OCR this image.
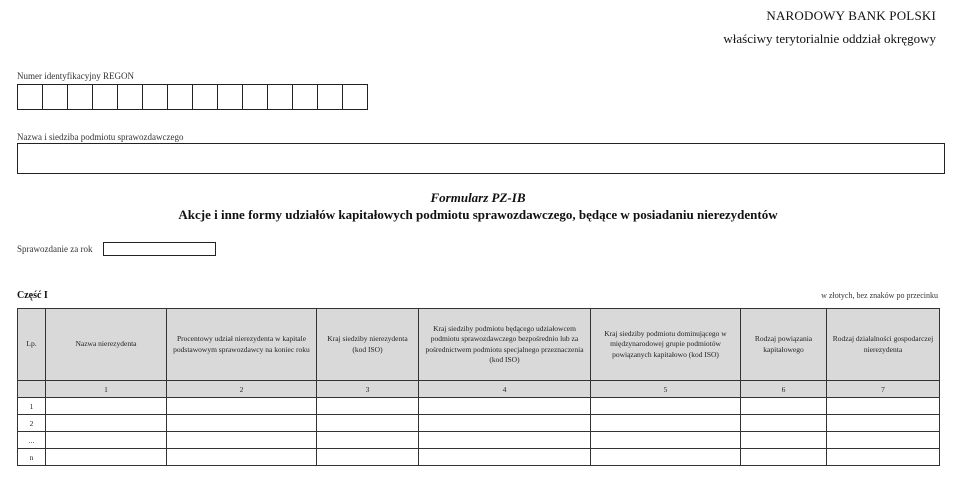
NARODOWY BANK POLSKI
właściwy terytorialnie oddział okręgowy
Numer identyfikacyjny REGON
Nazwa i siedziba podmiotu sprawozdawczego
Formularz PZ-IB
Akcje i inne formy udziałów kapitałowych podmiotu sprawozdawczego, będące w posiadaniu nierezydentów
Sprawozdanie za rok
Część I	w złotych, bez znaków po przecinku
Lp.	Nazwa nierezydenta	Procentowy udział nierezydenta w kapitale podstawowym sprawozdawcy na koniec roku	Kraj siedziby nierezydenta (kod ISO)	Kraj siedziby podmiotu będącego udziałowcem podmiotu sprawozdawczego bezpośrednio lub za pośrednictwem podmiotu specjalnego przeznaczenia (kod ISO)	Kraj siedziby podmiotu dominującego w międzynarodowej grupie podmiotów powiązanych kapitałowo (kod ISO)	Rodzaj powiązania kapitałowego	Rodzaj działalności gospodarczej nierezydenta
	1	2	3	4	5	6	7
1							
2							
...							
n							
